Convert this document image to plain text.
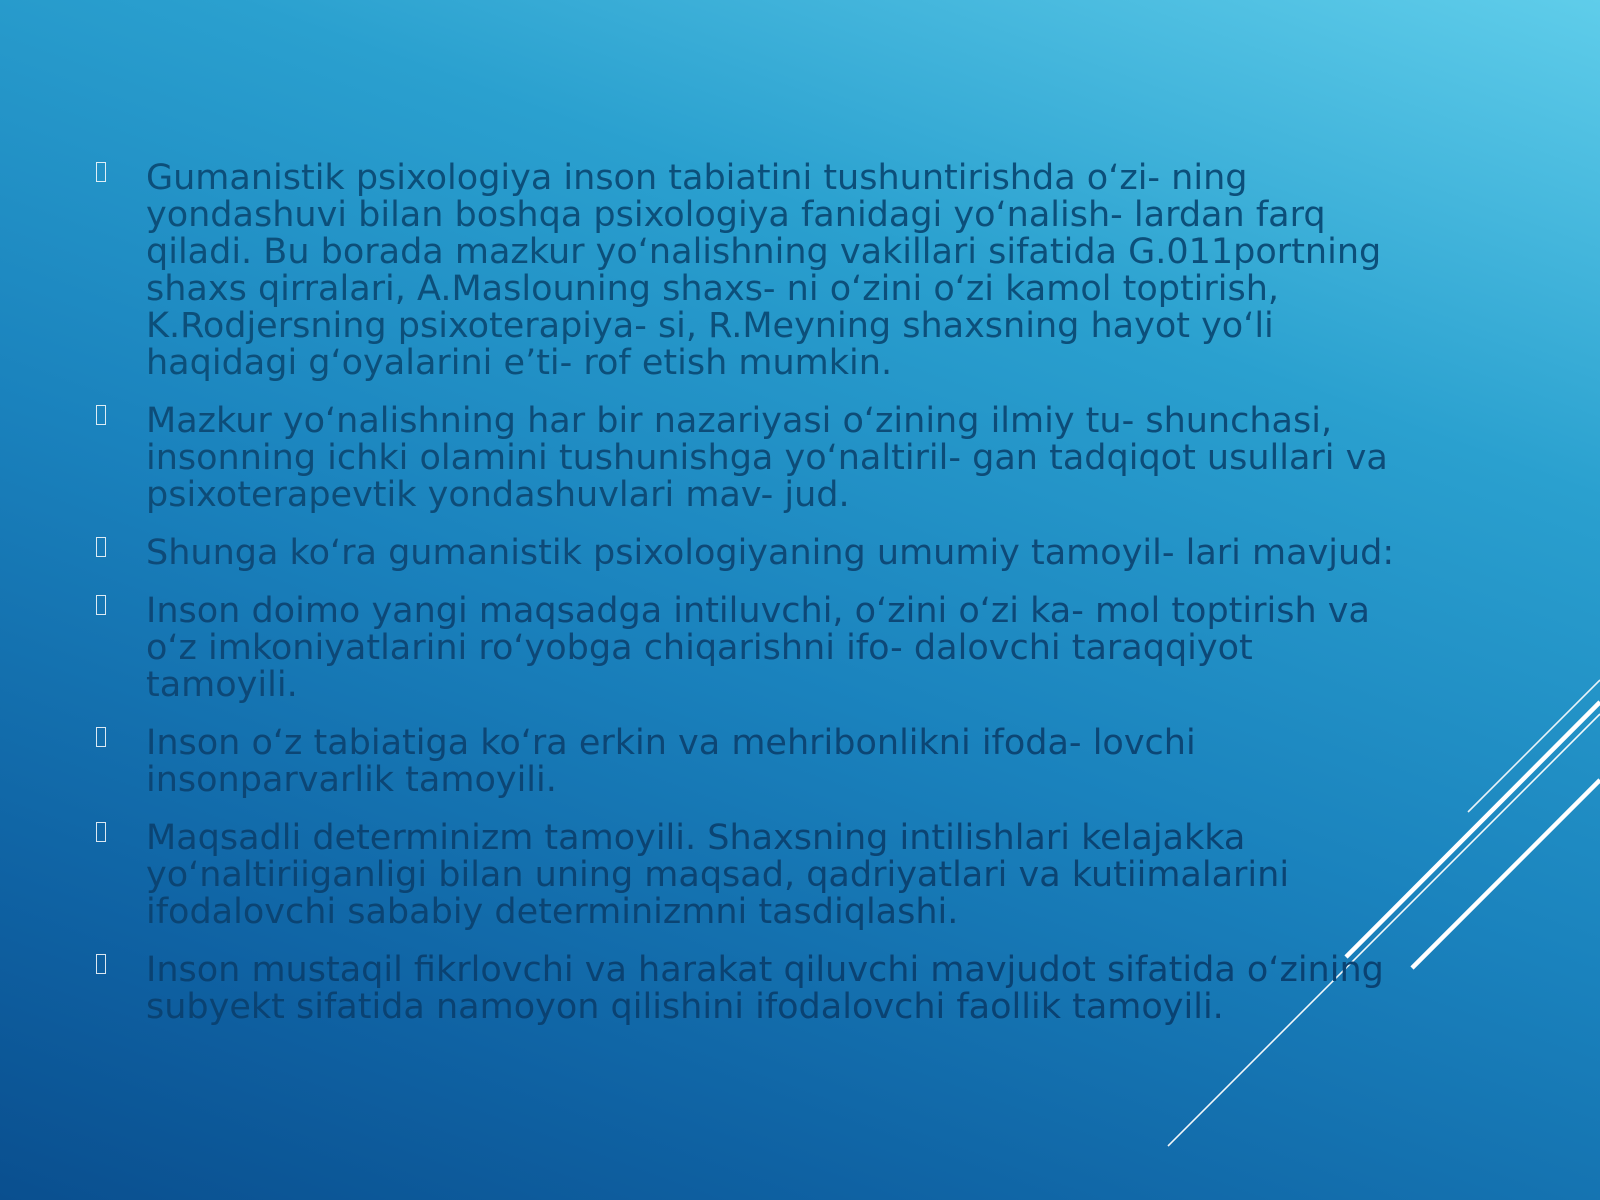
Gumanistik psixologiya inson tabiatini tushuntirishda o‘zi- ning yondashuvi bilan boshqa psixologiya fanidagi yo‘nalish- lardan farq qiladi. Bu borada mazkur yo‘nalishning vakillari sifatida G.011portning shaxs qirralari, A.Maslouning shaxs- ni o‘zini o‘zi kamol toptirish, K.Rodjersning psixoterapiya- si, R.Meyning shaxsning hayot yo‘li haqidagi g‘oyalarini e’ti- rof etish mumkin.
Mazkur yo‘nalishning har bir nazariyasi o‘zining ilmiy tu- shunchasi, insonning ichki olamini tushunishga yo‘naltiril- gan tadqiqot usullari va psixoterapevtik yondashuvlari mav- jud.
Shunga ko‘ra gumanistik psixologiyaning umumiy tamoyil- lari mavjud:
Inson doimo yangi maqsadga intiluvchi, o‘zini o‘zi ka- mol toptirish va o‘z imkoniyatlarini ro‘yobga chiqarishni ifo- dalovchi taraqqiyot tamoyili.
Inson o‘z tabiatiga ko‘ra erkin va mehribonlikni ifoda- lovchi insonparvarlik tamoyili.
Maqsadli determinizm tamoyili. Shaxsning intilishlari kelajakka yo‘naltiriiganligi bilan uning maqsad, qadriyatlari va kutiimalarini ifodalovchi sababiy determinizmni tasdiqlashi.
Inson mustaqil fikrlovchi va harakat qiluvchi mavjudot sifatida o‘zining subyekt sifatida namoyon qilishini ifodalovchi faollik tamoyili.
